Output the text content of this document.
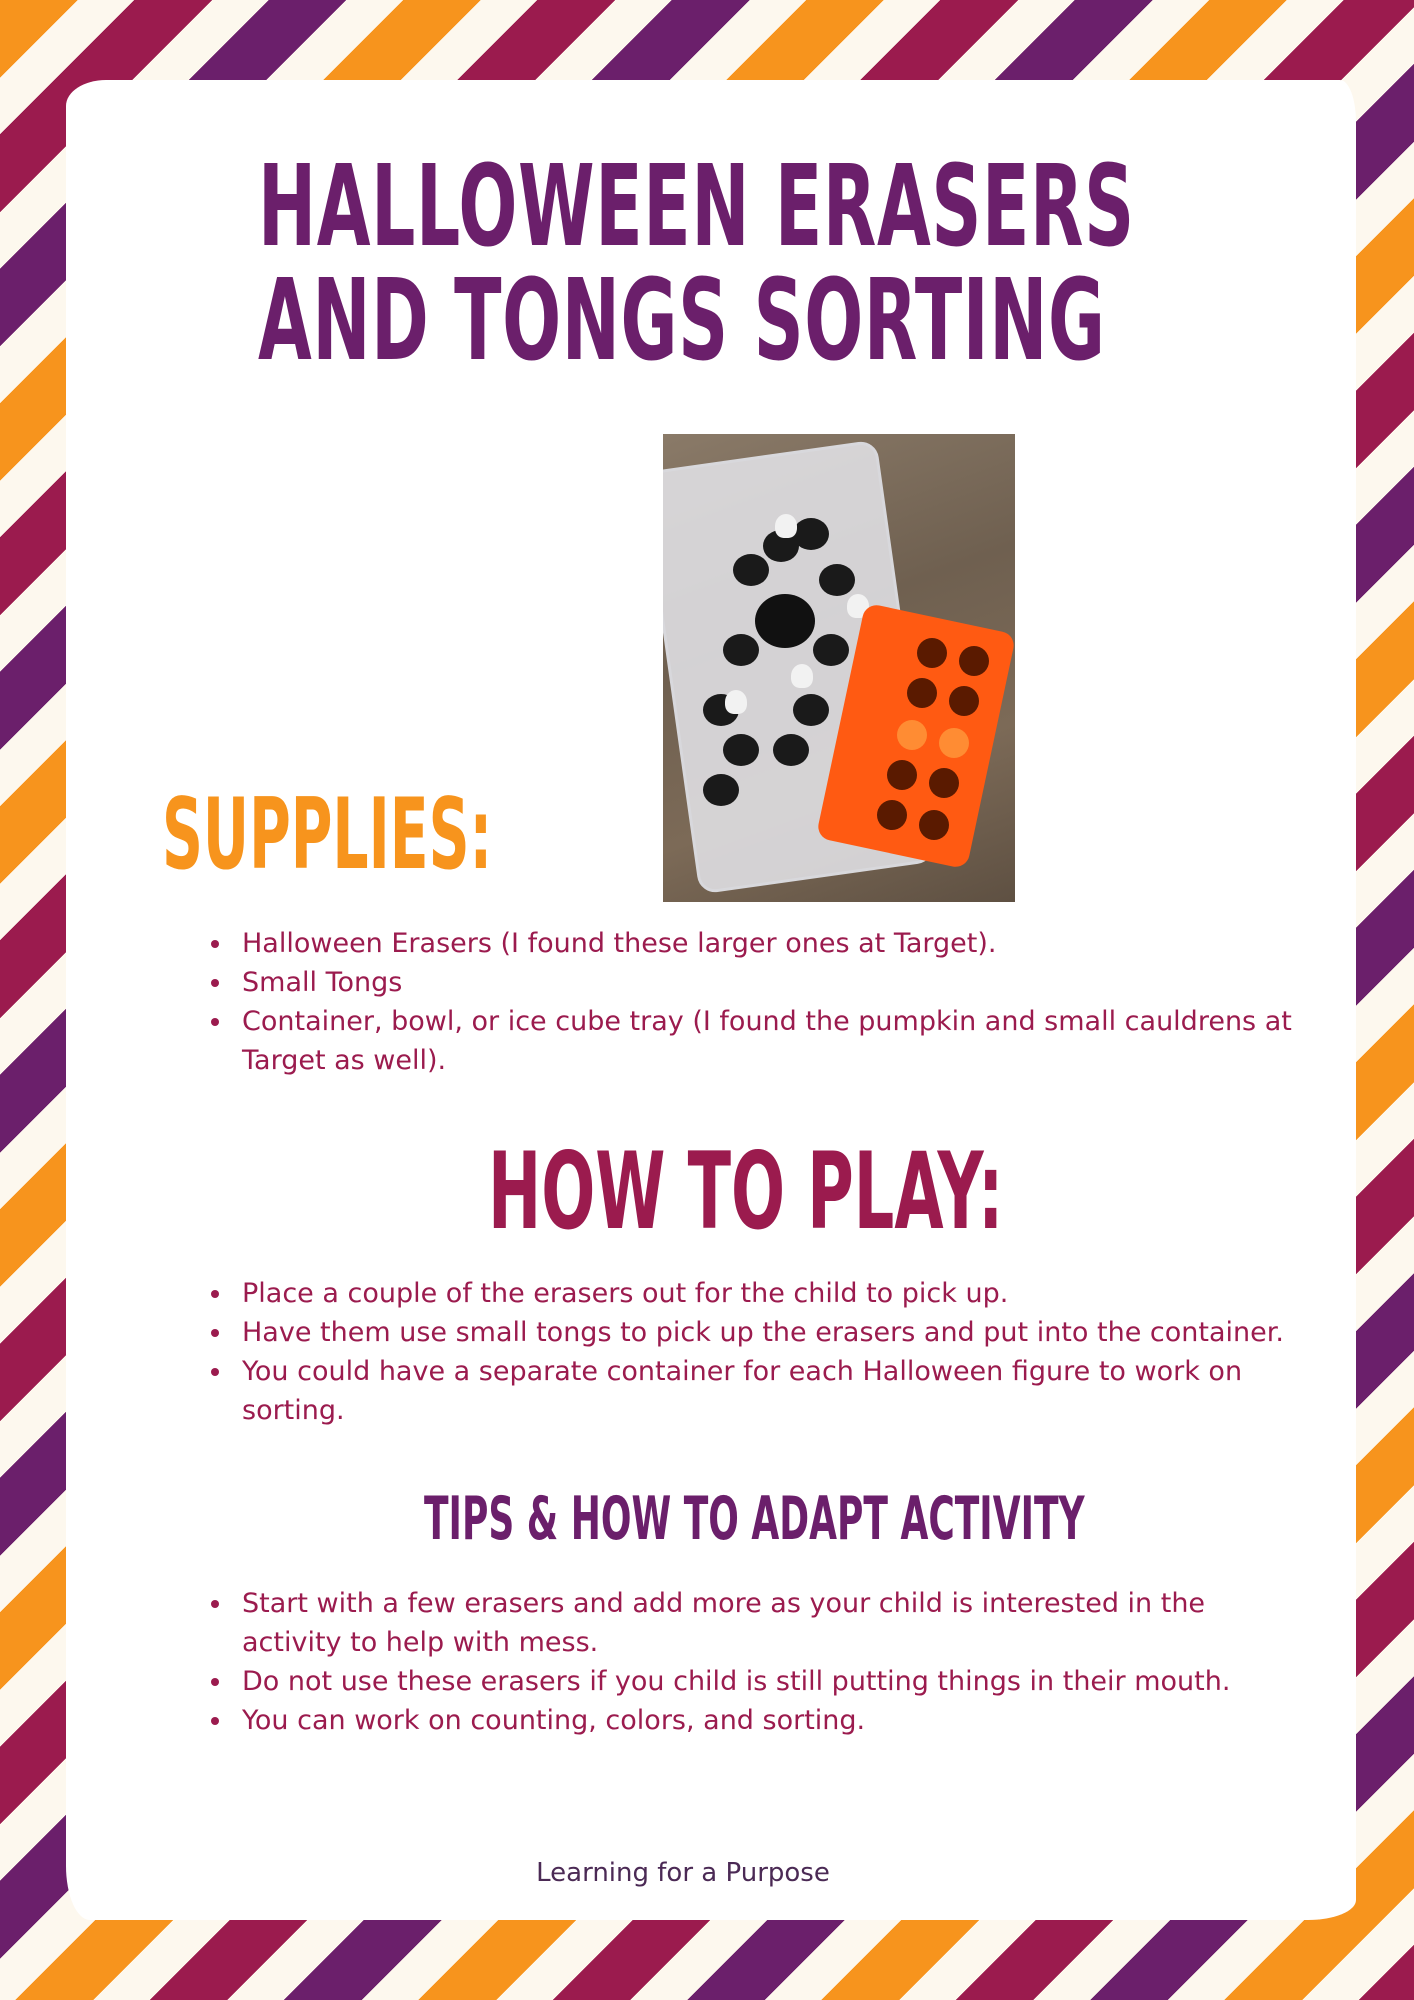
HALLOWEEN ERASERS
AND TONGS SORTING
SUPPLIES:
• Halloween Erasers (I found these larger ones at Target).
• Small Tongs
• Container, bowl, or ice cube tray (I found the pumpkin and small cauldrens at Target as well).
HOW TO PLAY:
• Place a couple of the erasers out for the child to pick up.
• Have them use small tongs to pick up the erasers and put into the container.
• You could have a separate container for each Halloween figure to work on sorting.
TIPS & HOW TO ADAPT ACTIVITY
• Start with a few erasers and add more as your child is interested in the activity to help with mess.
• Do not use these erasers if you child is still putting things in their mouth.
• You can work on counting, colors, and sorting.
Learning for a Purpose
